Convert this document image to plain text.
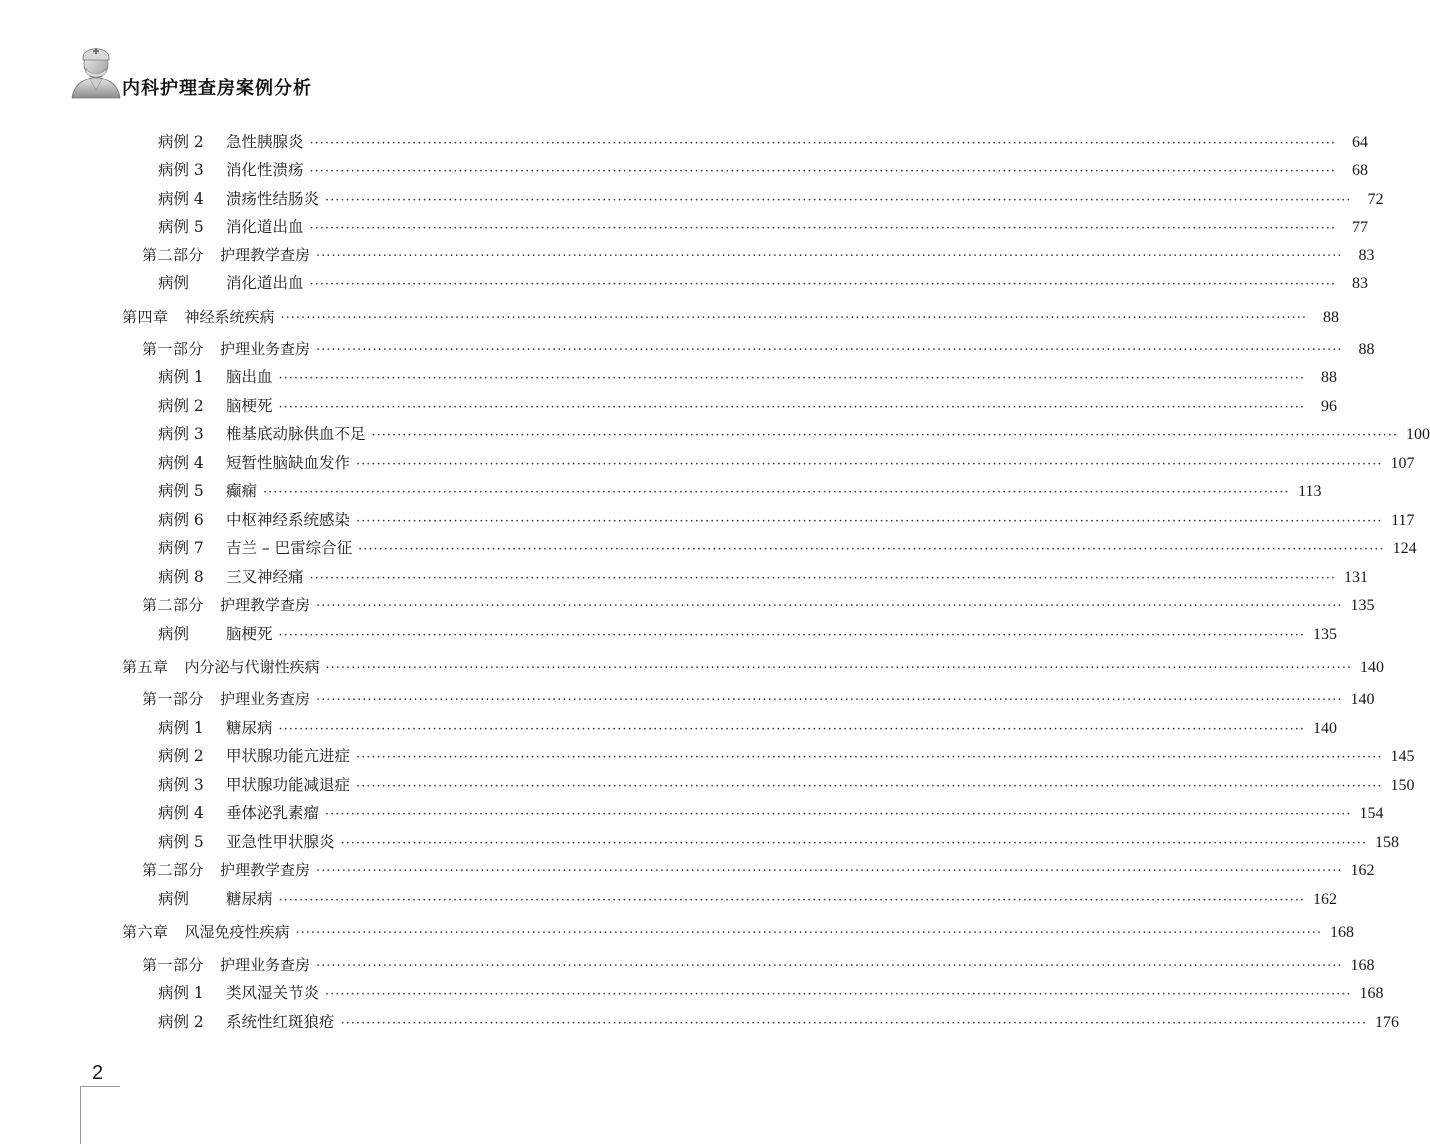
内科护理查房案例分析
病例 2	急性胰腺炎 ········································································································································································································	64
病例 3	消化性溃疡 ········································································································································································································	68
病例 4	溃疡性结肠炎 ········································································································································································································	72
病例 5	消化道出血 ········································································································································································································	77
第二部分 护理教学查房 ········································································································································································································	83
病例	消化道出血 ········································································································································································································	83
第四章 神经系统疾病 ········································································································································································································	88
第一部分 护理业务查房 ········································································································································································································	88
病例 1	脑出血 ········································································································································································································	88
病例 2	脑梗死 ········································································································································································································	96
病例 3	椎基底动脉供血不足 ········································································································································································································ 100
病例 4	短暂性脑缺血发作 ········································································································································································································ 107
病例 5	癫痫 ········································································································································································································ 113
病例 6	中枢神经系统感染 ········································································································································································································ 117
病例 7	吉兰 – 巴雷综合征 ········································································································································································································ 124
病例 8	三叉神经痛 ········································································································································································································ 131
第二部分 护理教学查房 ········································································································································································································ 135
病例	脑梗死 ········································································································································································································ 135
第五章 内分泌与代谢性疾病 ········································································································································································································ 140
第一部分 护理业务查房 ········································································································································································································ 140
病例 1	糖尿病 ········································································································································································································ 140
病例 2	甲状腺功能亢进症 ········································································································································································································ 145
病例 3	甲状腺功能减退症 ········································································································································································································ 150
病例 4	垂体泌乳素瘤 ········································································································································································································ 154
病例 5	亚急性甲状腺炎 ········································································································································································································ 158
第二部分 护理教学查房 ········································································································································································································ 162
病例	糖尿病 ········································································································································································································ 162
第六章 风湿免疫性疾病 ········································································································································································································ 168
第一部分 护理业务查房 ········································································································································································································ 168
病例 1	类风湿关节炎 ········································································································································································································ 168
病例 2	系统性红斑狼疮 ········································································································································································································ 176
2
